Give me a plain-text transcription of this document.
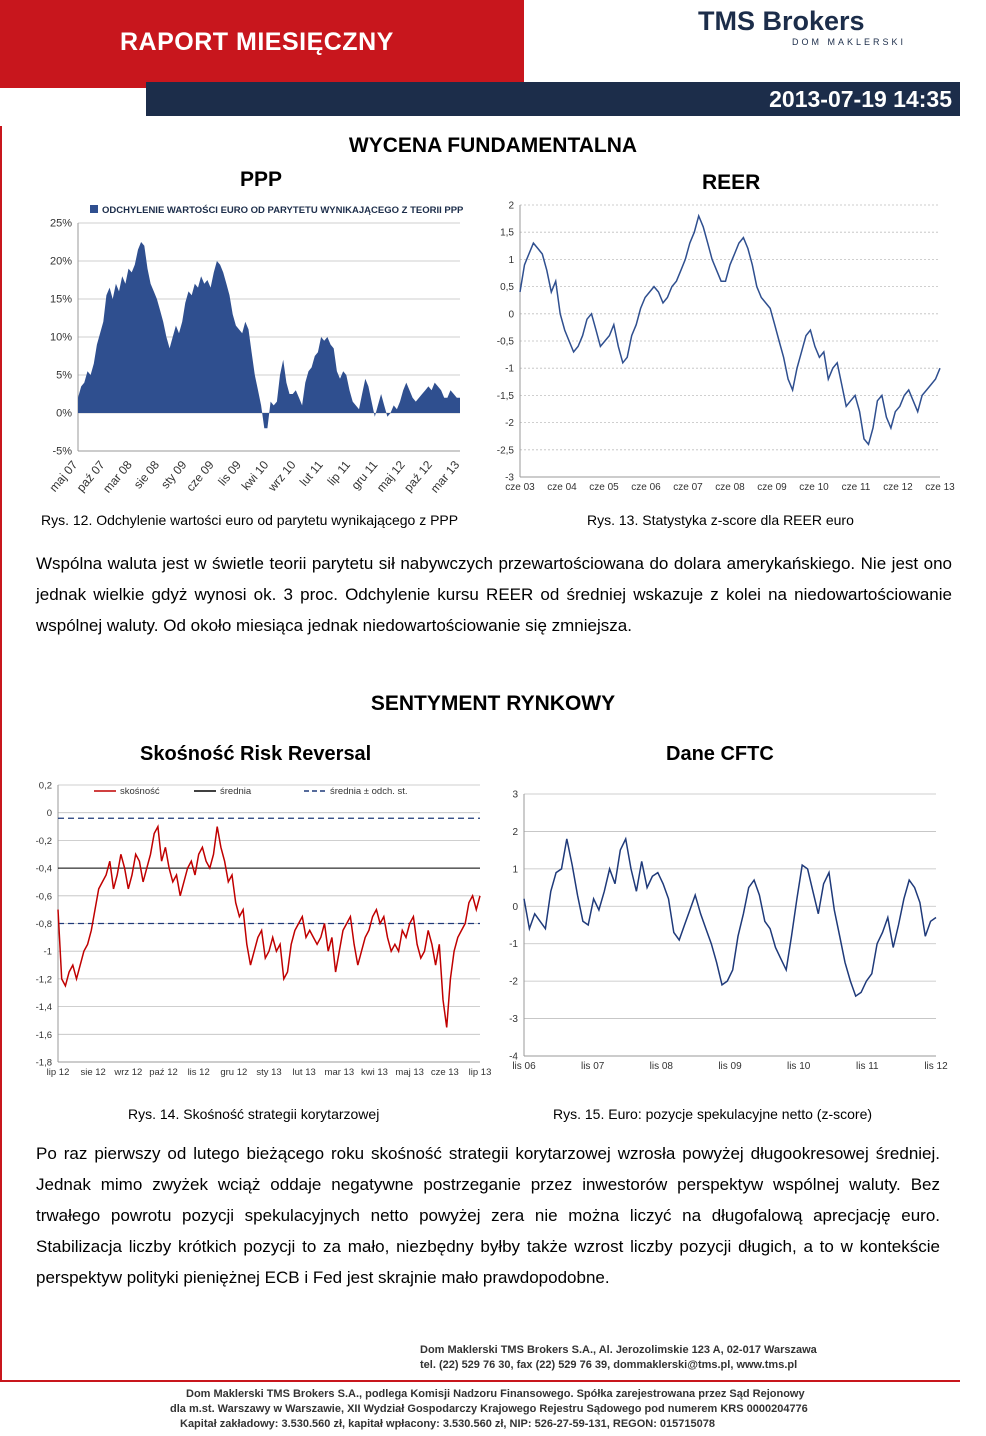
RAPORT MIESIĘCZNY
TMS Brokers
DOM MAKLERSKI
2013-07-19 14:35
WYCENA FUNDAMENTALNA
PPP	REER
ODCHYLENIE WARTOŚCI EURO OD PARYTETU WYNIKAJĄCEGO Z TEORII PPP
25%
20%
15%
10%
5%
0%
-5%
maj 07
paź 07
mar 08
sie 08
sty 09
cze 09
lis 09
kwi 10
wrz 10
lut 11
lip 11
gru 11
maj 12
paź 12
mar 13
2
1,5
1
0,5
0
-0,5
-1
-1,5
-2
-2,5
-3
cze 03 cze 04 cze 05 cze 06 cze 07 cze 08 cze 09 cze 10 cze 11 cze 12 cze 13
Rys. 12. Odchylenie wartości euro od parytetu wynikającego z PPP	Rys. 13. Statystyka z-score dla REER euro
Wspólna waluta jest w świetle teorii parytetu sił nabywczych przewartościowana do dolara amerykańskiego. Nie jest ono jednak wielkie gdyż wynosi ok. 3 proc. Odchylenie kursu REER od średniej wskazuje z kolei na niedowartościowanie wspólnej waluty. Od około miesiąca jednak niedowartościowanie się zmniejsza.
SENTYMENT RYNKOWY
Skośność Risk Reversal	Dane CFTC
skośność	średnia	średnia ± odch. st.
0,2
0
-0,2
-0,4
-0,6
-0,8
-1
-1,2
-1,4
-1,6
-1,8
lip 12 sie 12 wrz 12 paź 12 lis 12 gru 12 sty 13 lut 13 mar 13 kwi 13 maj 13 cze 13 lip 13
3
2
1
0
-1
-2
-3
-4
lis 06	lis 07	lis 08	lis 09	lis 10	lis 11	lis 12
Rys. 14. Skośność strategii korytarzowej	Rys. 15. Euro: pozycje spekulacyjne netto (z-score)
Po raz pierwszy od lutego bieżącego roku skośność strategii korytarzowej wzrosła powyżej długookresowej średniej. Jednak mimo zwyżek wciąż oddaje negatywne postrzeganie przez inwestorów perspektyw wspólnej waluty. Bez trwałego powrotu pozycji spekulacyjnych netto powyżej zera nie można liczyć na długofalową aprecjację euro. Stabilizacja liczby krótkich pozycji to za mało, niezbędny byłby także wzrost liczby pozycji długich, a to w kontekście perspektyw polityki pieniężnej ECB i Fed jest skrajnie mało prawdopodobne.
Dom Maklerski TMS Brokers S.A., Al. Jerozolimskie 123 A, 02-017 Warszawa
tel. (22) 529 76 30, fax (22) 529 76 39, dommaklerski@tms.pl, www.tms.pl
Dom Maklerski TMS Brokers S.A., podlega Komisji Nadzoru Finansowego. Spółka zarejestrowana przez Sąd Rejonowy
dla m.st. Warszawy w Warszawie, XII Wydział Gospodarczy Krajowego Rejestru Sądowego pod numerem KRS 0000204776
Kapitał zakładowy: 3.530.560 zł, kapitał wpłacony: 3.530.560 zł, NIP: 526-27-59-131, REGON: 015715078
